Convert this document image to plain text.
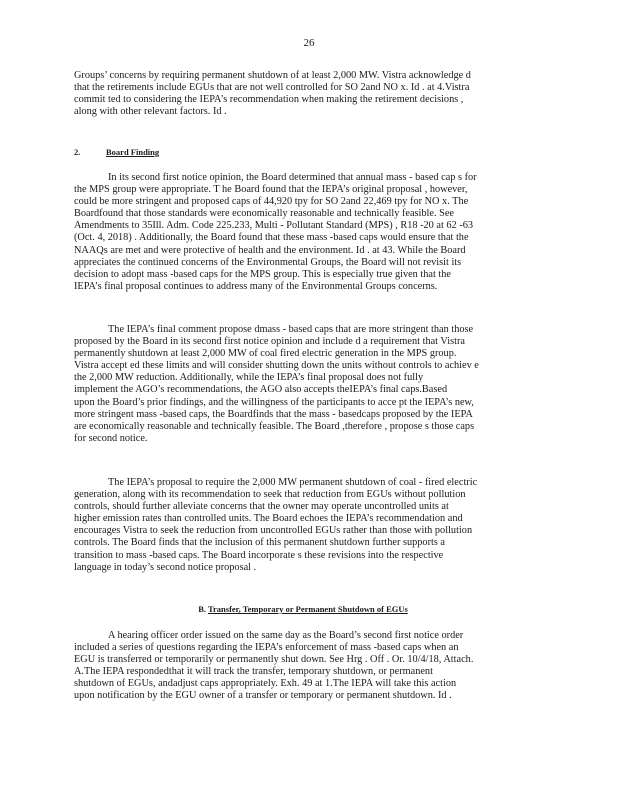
26

Groups’ concerns by requiring permanent shutdown of at least 2,000 MW. Vistra acknowledge d
that the retirements include EGUs that are not well controlled for SO 2and NO x. Id . at 4.Vistra
commit ted to considering the IEPA’s recommendation when making the retirement decisions ,
along with other relevant factors. Id .

2.	Board Finding

In its second first notice opinion, the Board determined that annual mass - based cap s for
the MPS group were appropriate. T he Board found that the IEPA’s original proposal , however,
could be more stringent and proposed caps of 44,920 tpy for SO 2and 22,469 tpy for NO x. The
Boardfound that those standards were economically reasonable and technically feasible. See
Amendments to 35Ill. Adm. Code 225.233, Multi - Pollutant Standard (MPS) , R18 -20 at 62 -63
(Oct. 4, 2018) . Additionally, the Board found that these mass -based caps would ensure that the
NAAQs are met and were protective of health and the environment. Id . at 43. While the Board
appreciates the continued concerns of the Environmental Groups, the Board will not revisit its
decision to adopt mass -based caps for the MPS group. This is especially true given that the
IEPA’s final proposal continues to address many of the Environmental Groups concerns.

The IEPA’s final comment propose dmass - based caps that are more stringent than those
proposed by the Board in its second first notice opinion and include d a requirement that Vistra
permanently shutdown at least 2,000 MW of coal fired electric generation in the MPS group.
Vistra accept ed these limits and will consider shutting down the units without controls to achiev e
the 2,000 MW reduction. Additionally, while the IEPA’s final proposal does not fully
implement the AGO’s recommendations, the AGO also accepts theIEPA’s final caps.Based
upon the Board’s prior findings, and the willingness of the participants to acce pt the IEPA’s new,
more stringent mass -based caps, the Boardfinds that the mass - basedcaps proposed by the IEPA
are economically reasonable and technically feasible. The Board ,therefore , propose s those caps
for second notice.

The IEPA’s proposal to require the 2,000 MW permanent shutdown of coal - fired electric
generation, along with its recommendation to seek that reduction from EGUs without pollution
controls, should further alleviate concerns that the owner may operate uncontrolled units at
higher emission rates than controlled units. The Board echoes the IEPA’s recommendation and
encourages Vistra to seek the reduction from uncontrolled EGUs rather than those with pollution
controls. The Board finds that the inclusion of this permanent shutdown further supports a
transition to mass -based caps. The Board incorporate s these revisions into the respective
language in today’s second notice proposal .

B. Transfer, Temporary or Permanent Shutdown of EGUs

A hearing officer order issued on the same day as the Board’s second first notice order
included a series of questions regarding the IEPA’s enforcement of mass -based caps when an
EGU is transferred or temporarily or permanently shut down. See Hrg . Off . Or. 10/4/18, Attach.
A.The IEPA respondedthat it will track the transfer, temporary shutdown, or permanent
shutdown of EGUs, andadjust caps appropriately. Exh. 49 at 1.The IEPA will take this action
upon notification by the EGU owner of a transfer or temporary or permanent shutdown. Id .
